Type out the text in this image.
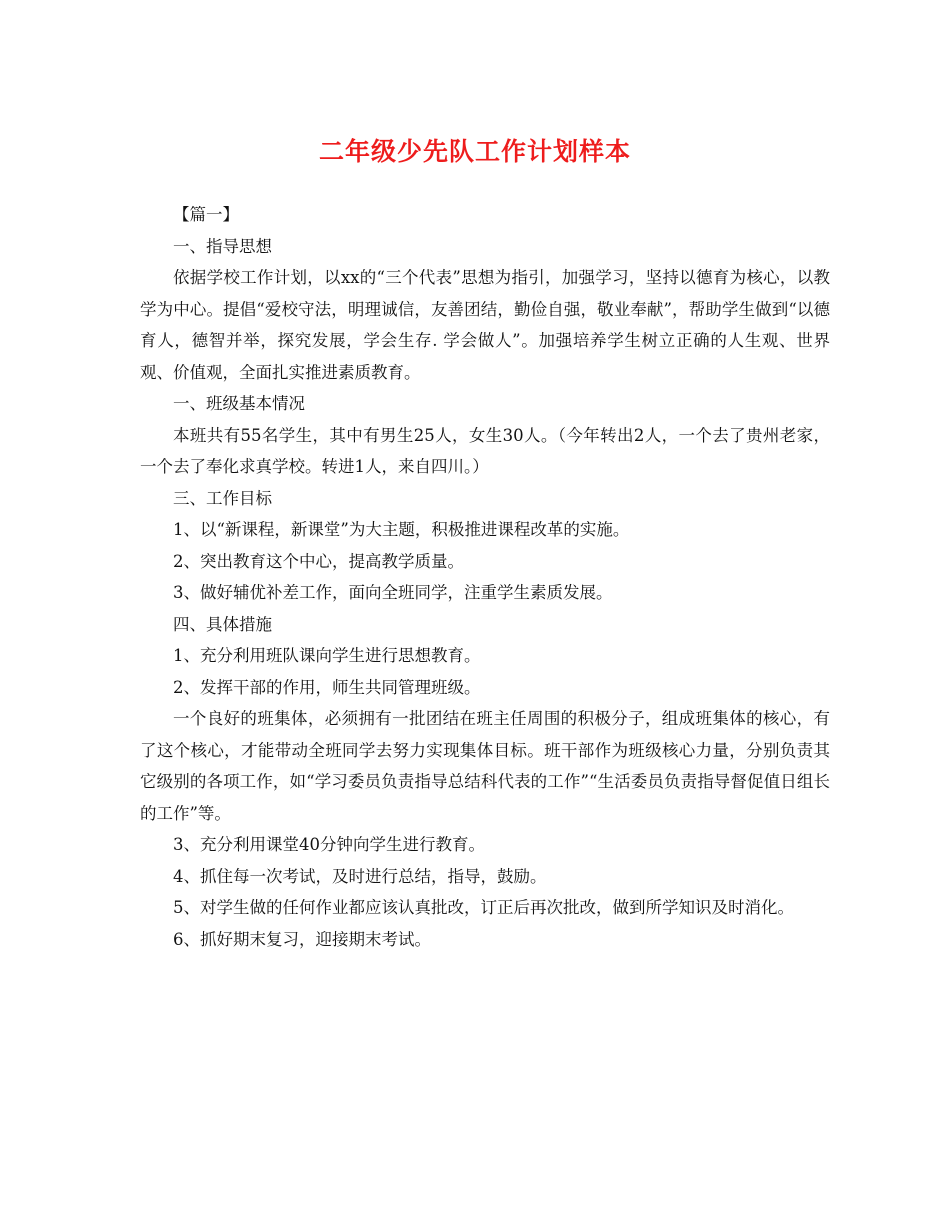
二年级少先队工作计划样本

【篇一】

一、指导思想

依据学校工作计划，以xx的“三个代表”思想为指引，加强学习，坚持以德育为核心，以教学为中心。提倡“爱校守法，明理诚信，友善团结，勤俭自强，敬业奉献”，帮助学生做到“以德育人，德智并举，探究发展，学会生存. 学会做人”。加强培养学生树立正确的人生观、世界观、价值观，全面扎实推进素质教育。

一、班级基本情况

本班共有55名学生，其中有男生25人，女生30人。（今年转出2人，一个去了贵州老家，一个去了奉化求真学校。转进1人，来自四川。）

三、工作目标

1、以“新课程，新课堂”为大主题，积极推进课程改革的实施。

2、突出教育这个中心，提高教学质量。

3、做好辅优补差工作，面向全班同学，注重学生素质发展。

四、具体措施

1、充分利用班队课向学生进行思想教育。

2、发挥干部的作用，师生共同管理班级。

一个良好的班集体，必须拥有一批团结在班主任周围的积极分子，组成班集体的核心，有了这个核心，才能带动全班同学去努力实现集体目标。班干部作为班级核心力量，分别负责其它级别的各项工作，如“学习委员负责指导总结科代表的工作”“生活委员负责指导督促值日组长的工作”等。

3、充分利用课堂40分钟向学生进行教育。

4、抓住每一次考试，及时进行总结，指导，鼓励。

5、对学生做的任何作业都应该认真批改，订正后再次批改，做到所学知识及时消化。

6、抓好期末复习，迎接期末考试。
